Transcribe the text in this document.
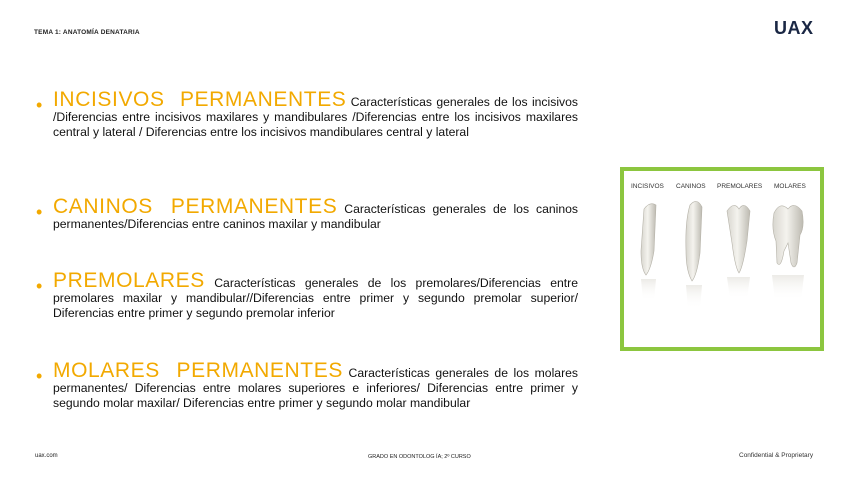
TEMA 1: ANATOMÍA DENATARIA	UAX
• INCISIVOS PERMANENTES Características generales de los incisivos /Diferencias entre incisivos maxilares y mandibulares /Diferencias entre los incisivos maxilares central y lateral / Diferencias entre los incisivos mandibulares central y lateral
• CANINOS PERMANENTES Características generales de los caninos permanentes/Diferencias entre caninos maxilar y mandibular
• PREMOLARES Características generales de los premolares/Diferencias entre premolares maxilar y mandibular//Diferencias entre primer y segundo premolar superior/ Diferencias entre primer y segundo premolar inferior
• MOLARES PERMANENTES Características generales de los molares permanentes/ Diferencias entre molares superiores e inferiores/ Diferencias entre primer y segundo molar maxilar/ Diferencias entre primer y segundo molar mandibular
INCISIVOS CANINOS PREMOLARES MOLARES
uax.com	GRADO EN ODONTOLOG ÍA; 2º CURSO	Confidential & Proprietary
